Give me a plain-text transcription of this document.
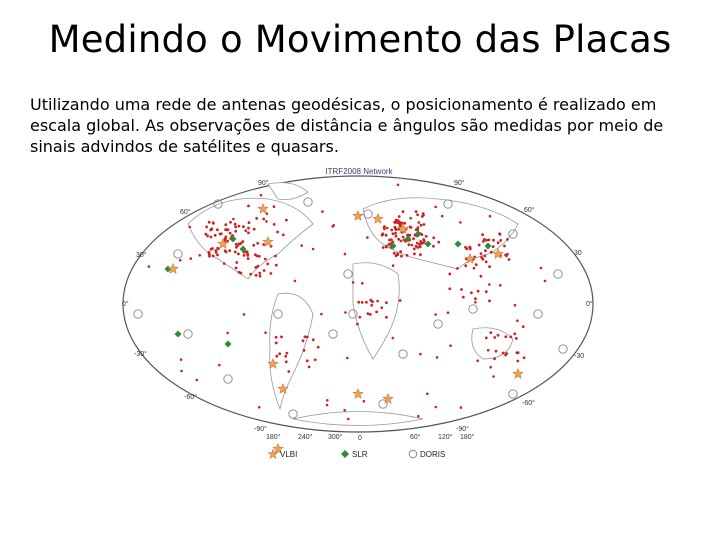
Medindo o Movimento das Placas
Utilizando uma rede de antenas geodésicas, o posicionamento é realizado em escala global. As observações de distância e ângulos são medidas por meio de sinais advindos de satélites e quasars.
ITRF2008 Network
90°
60°
30°
0°
-30°
-60°
-90°
90°
60°
30
0°
-30
-60°
-90°
180°	240° 300° 0	60° 120° 180°
VLBI	SLR	DORIS
